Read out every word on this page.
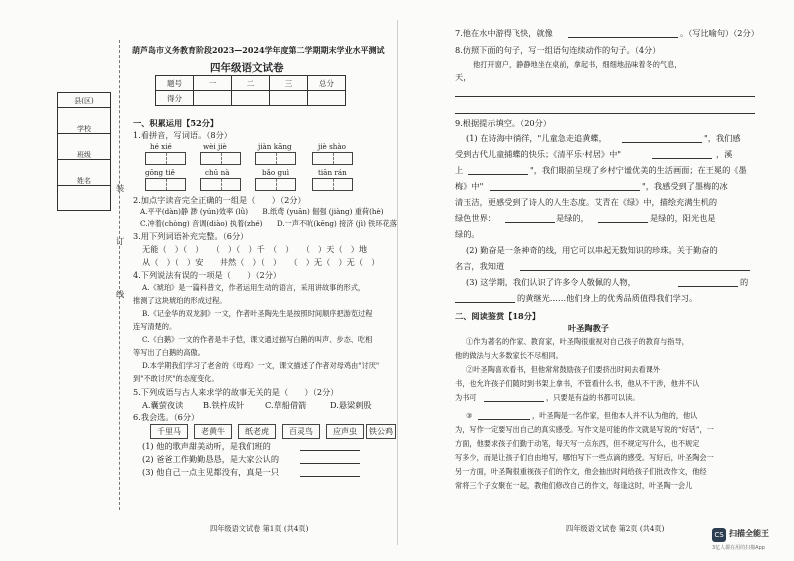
葫芦岛市义务教育阶段2023—2024学年度第二学期期末学业水平测试
四年级语文试卷
题号	一	二	三	总分
得分				
县(区)
学校
班级
姓名
装
订
线
一、积累运用【52分】
1.看拼音，写词语。（8分）
hé xié	wèi jiè	jiàn kāng	jiè shào
gōng tiě	chū nà	bǎo guì	tiān rán
2.加点字读音完全正确的一组是（　　）（2分）
A.平平(dàn)静 渺 (yún)效率 (lǜ)　　B.纸鸢 (yuān) 倔强 (jiàng) 重荷(hè)
C.冲着(chòng) 音调(diào) 执着(zhé)　　D.一声不吭(kēng) 接济 (jì) 铁环花落
3.用下列词语补充完整。（6分）
无能（　）（　）　　（　）（　）千　（　）　　（　）天（　）地
从（　）（　）安　　井然（　）（　）　　（　）无（　）无（　）
4.下列说法有误的一项是（　　）（2分）
A.《琥珀》是一篇科普文，作者运用生动的语言，采用讲故事的形式，
推测了这块琥珀的形成过程。
B.《记金华的双龙洞》一文，作者叶圣陶先生是按照时间顺序把游览过程
连写清楚的。
C.《白鹅》一文的作者是丰子恺，课文通过描写白鹅的叫声、步态、吃相
等写出了白鹅的高傲。
D.本学期我们学习了老舍的《母鸡》一文，课文描述了作者对母鸡由"讨厌"
到"不敢讨厌"的态度变化。
5.下列成语与古人来求学的故事无关的是（　　）（2分）
A.囊萤夜读 B.铁杵成针	C.草船借箭	D.悬梁刺股
6.我会选。（6分）
千里马	老黄牛	纸老虎	百灵鸟	应声虫	铁公鸡
(1) 他的歌声甜美动听，是我们班的
(2) 爸爸工作勤勤恳恳，是大家公认的
(3) 他自己一点主见都没有，真是一只
四年级语文试卷 第1页 (共4页)
7.他在水中游得飞快，就像	。（写比喻句）（2分）
8.仿照下面的句子，写一组语句连续动作的句子。（4分）
他打开窗户，静静地坐在桌前，拿起书，细细地品味着冬的气息，
天，
9.根据提示填空。（20分）
(1) 在诗海中徜徉，"儿童急走追黄蝶，	"，我们感
受到古代儿童捕蝶的快乐；《清平乐·村居》中"	，溪
上	"，我们眼前呈现了乡村宁谧优美的生活画面；在王冕的《墨
梅》中"	"，我感受到了墨梅的冰
清玉洁，更感受到了诗人的人生态度。艾青在《绿》中，描绘充满生机的
绿色世界：	是绿的，	是绿的，阳光也是
绿的。
(2) 勤奋是一条神奇的线，用它可以串起无数知识的珍珠。关于勤奋的
名言，我知道
(3) 这学期，我们认识了许多令人敬佩的人物，	的
的黄继光……他们身上的优秀品质值得我们学习。
二、阅读鉴赏【18分】
叶圣陶教子
①作为著名的作家、教育家，叶圣陶很重视对自己孩子的教育与指导，
他的做法与大多数家长不尽相同。
②叶圣陶喜欢看书，但他常常鼓励孩子们要挤出时间去看课外
书，也允许孩子们随时到书架上拿书，不管看什么书，他从不干涉，他并不认
为书可	，只要是有益的书都可以读。
③	，叶圣陶是一名作家，但他本人并不认为他的，他认
为，写作一定要写出自己的真实感受。写作文是可能的作文就是写说的“好话”，一
方面，他要求孩子们勤于动笔，每天写一点东西，但不规定写什么，也不规定
写多少，而是让孩子们自由地写，哪怕写下一些点滴的感受。写好后，叶圣陶会一
另一方面，叶圣陶很重视孩子们的作文，他会抽出时间给孩子们批改作文，他经
常将三个子女聚在一起，教他们修改自己的作文，每逢这时，叶圣陶一会儿
四年级语文试卷 第2页 (共4页)
CS 扫描全能王
3亿人都在用的扫描App
